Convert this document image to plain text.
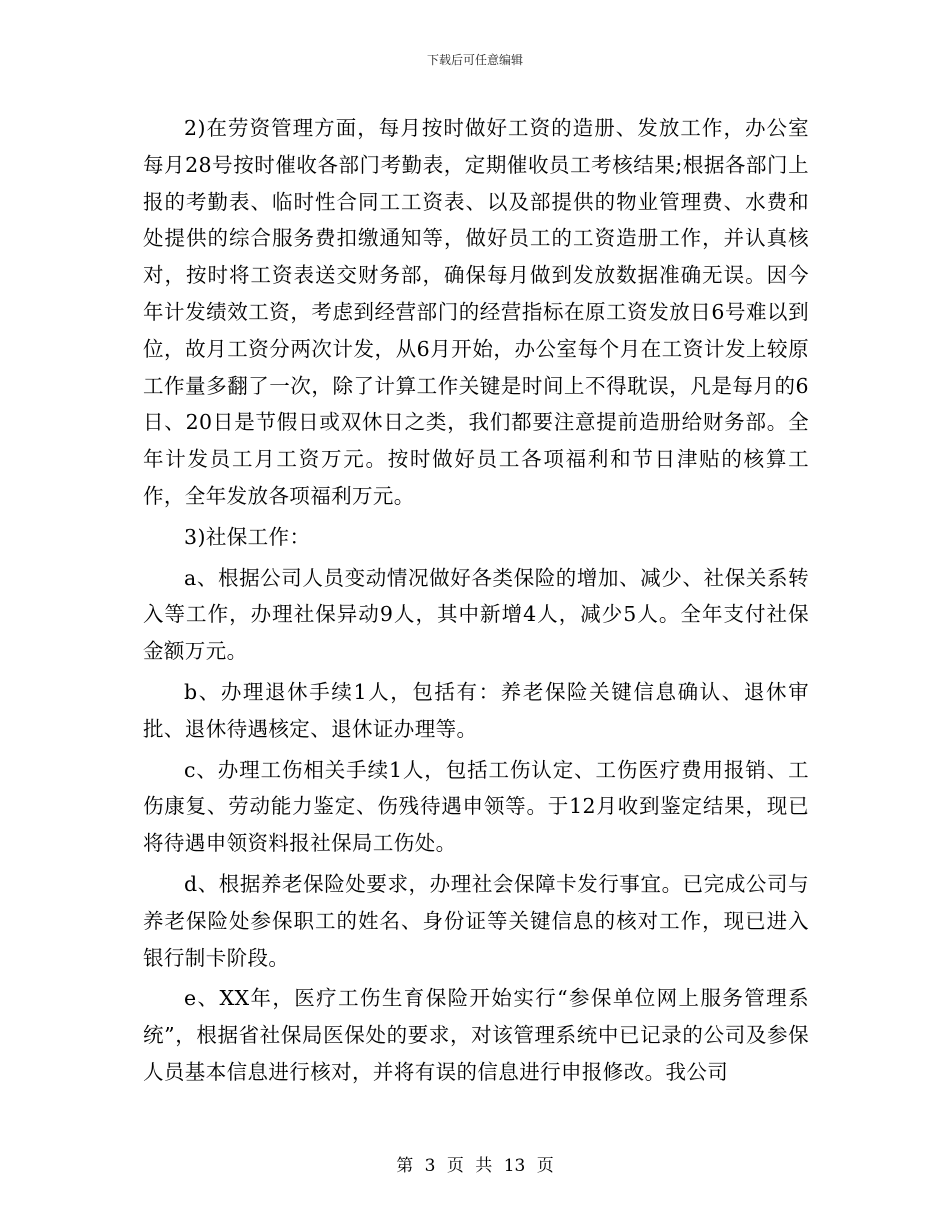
下载后可任意编辑

2)在劳资管理方面，每月按时做好工资的造册、发放工作，办公室每月28号按时催收各部门考勤表，定期催收员工考核结果;根据各部门上报的考勤表、临时性合同工工资表、以及部提供的物业管理费、水费和处提供的综合服务费扣缴通知等，做好员工的工资造册工作，并认真核对，按时将工资表送交财务部，确保每月做到发放数据准确无误。因今年计发绩效工资，考虑到经营部门的经营指标在原工资发放日6号难以到位，故月工资分两次计发，从6月开始，办公室每个月在工资计发上较原工作量多翻了一次，除了计算工作关键是时间上不得耽误，凡是每月的6日、20日是节假日或双休日之类，我们都要注意提前造册给财务部。全年计发员工月工资万元。按时做好员工各项福利和节日津贴的核算工作，全年发放各项福利万元。

3)社保工作：

a、根据公司人员变动情况做好各类保险的增加、减少、社保关系转入等工作，办理社保异动9人，其中新增4人，减少5人。全年支付社保金额万元。

b、办理退休手续1人，包括有：养老保险关键信息确认、退休审批、退休待遇核定、退休证办理等。

c、办理工伤相关手续1人，包括工伤认定、工伤医疗费用报销、工伤康复、劳动能力鉴定、伤残待遇申领等。于12月收到鉴定结果，现已将待遇申领资料报社保局工伤处。

d、根据养老保险处要求，办理社会保障卡发行事宜。已完成公司与养老保险处参保职工的姓名、身份证等关键信息的核对工作，现已进入银行制卡阶段。

e、XX年，医疗工伤生育保险开始实行“参保单位网上服务管理系统”，根据省社保局医保处的要求，对该管理系统中已记录的公司及参保人员基本信息进行核对，并将有误的信息进行申报修改。我公司

第 3 页 共 13 页
